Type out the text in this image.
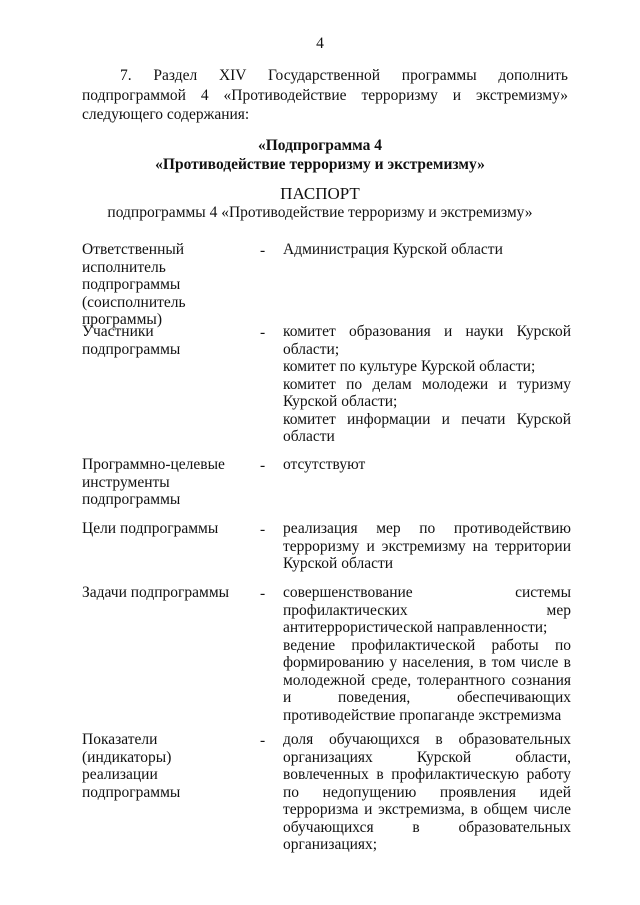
4
7. Раздел XIV Государственной программы дополнить подпрограммой 4 «Противодействие терроризму и экстремизму» следующего содержания:
«Подпрограмма 4
«Противодействие терроризму и экстремизму»
ПАСПОРТ
подпрограммы 4 «Противодействие терроризму и экстремизму»
Ответственный исполнитель подпрограммы (соисполнитель программы)
- Администрация Курской области

Участники подпрограммы
- комитет образования и науки Курской области;

комитет по культуре Курской области;

комитет по делам молодежи и туризму Курской области;

комитет информации и печати Курской области

Программно-целевые инструменты подпрограммы
- отсутствуют

Цели подпрограммы	- реализация мер по противодействию терроризму и экстремизму на территории Курской области

Задачи подпрограммы	- совершенствование системы профилактических мер антитеррористической направленности;

ведение профилактической работы по формированию у населения, в том числе в молодежной среде, толерантного сознания и поведения, обеспечивающих противодействие пропаганде экстремизма

Показатели (индикаторы) реализации подпрограммы
- доля обучающихся в образовательных организациях Курской области, вовлеченных в профилактическую работу по недопущению проявления идей терроризма и экстремизма, в общем числе обучающихся в образовательных организациях;
